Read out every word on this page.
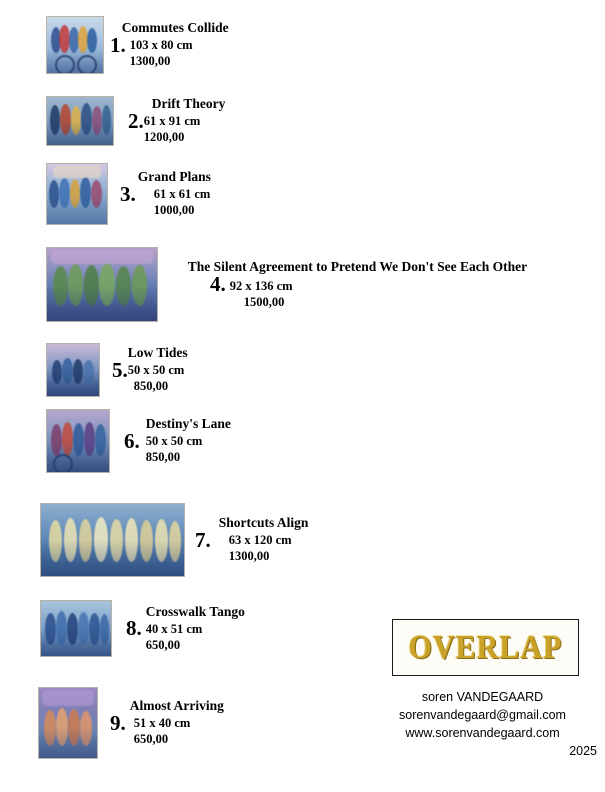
1.
Commutes Collide
103 x 80 cm
1300,00
2.
Drift Theory
61 x 91 cm
1200,00
3.
Grand Plans
61 x 61 cm
1000,00
4.
The Silent Agreement to Pretend We Don't See Each Other
92 x 136 cm
1500,00
5.
Low Tides
50 x 50 cm
850,00
6.
Destiny's Lane
50 x 50 cm
850,00
7.
Shortcuts Align
63 x 120 cm
1300,00
8.
Crosswalk Tango
40 x 51 cm
650,00
9.
Almost Arriving
51 x 40 cm
650,00
OVERLAP
soren VANDEGAARD
sorenvandegaard@gmail.com
www.sorenvandegaard.com
2025
